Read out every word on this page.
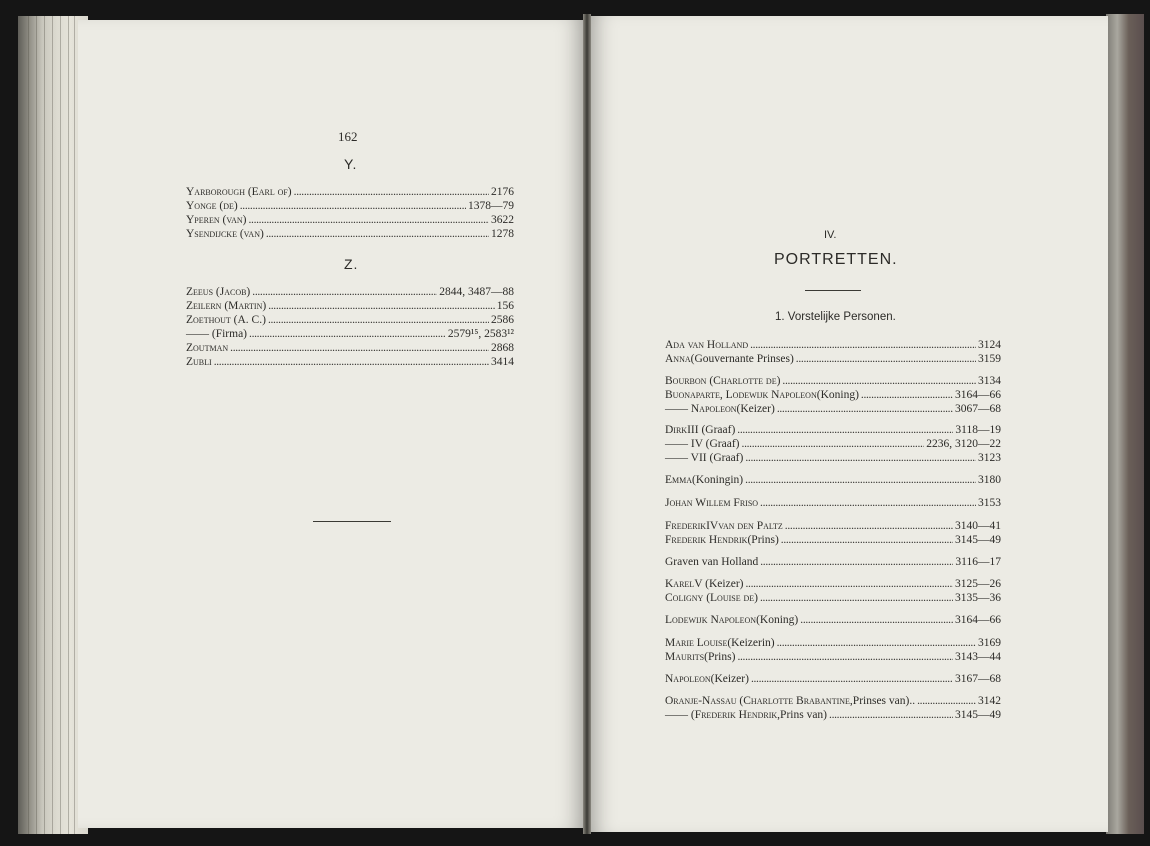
162
Y.
Yarborough (Earl of) . . .	2176
Yonge (de) . . .	1378—79
Yperen (van) . . .	3622
Ysendijcke (van) . . .	1278
Z.
Zeeus (Jacob) . . .	2844, 3487—88
Zeilern (Martin) . . .	156
Zoethout (A. C.) . . .	2586
—— (Firma) . . .	2579¹⁵, 2583¹²
Zoutman . . .	2868
Zubli . . .	3414
IV.
PORTRETTEN.
1. Vorstelijke Personen.
Ada van Holland . . .	3124
Anna (Gouvernante Prinses) . . .	3159
Bourbon (Charlotte de) . . .	3134
Buonaparte, Lodewijk Napoleon (Koning) . . .	3164—66
—— Napoleon (Keizer) . . .	3067—68
Dirk III (Graaf) . . .	3118—19
—— IV (Graaf) . . .	2236, 3120—22
—— VII (Graaf) . . .	3123
Emma (Koningin) . . .	3180
Johan Willem Friso . . .	3153
Frederik IV van den Paltz . . .	3140—41
Frederik Hendrik (Prins) . . .	3145—49
Graven van Holland . . .	3116—17
Karel V (Keizer) . . .	3125—26
Coligny (Louise de) . . .	3135—36
Lodewijk Napoleon (Koning) . . .	3164—66
Marie Louise (Keizerin) . . .	3169
Maurits (Prins) . . .	3143—44
Napoleon (Keizer) . . .	3167—68
Oranje-Nassau (Charlotte Brabantine, Prinses van).. . . .	3142
—— (Frederik Hendrik, Prins van) . . .	3145—49
